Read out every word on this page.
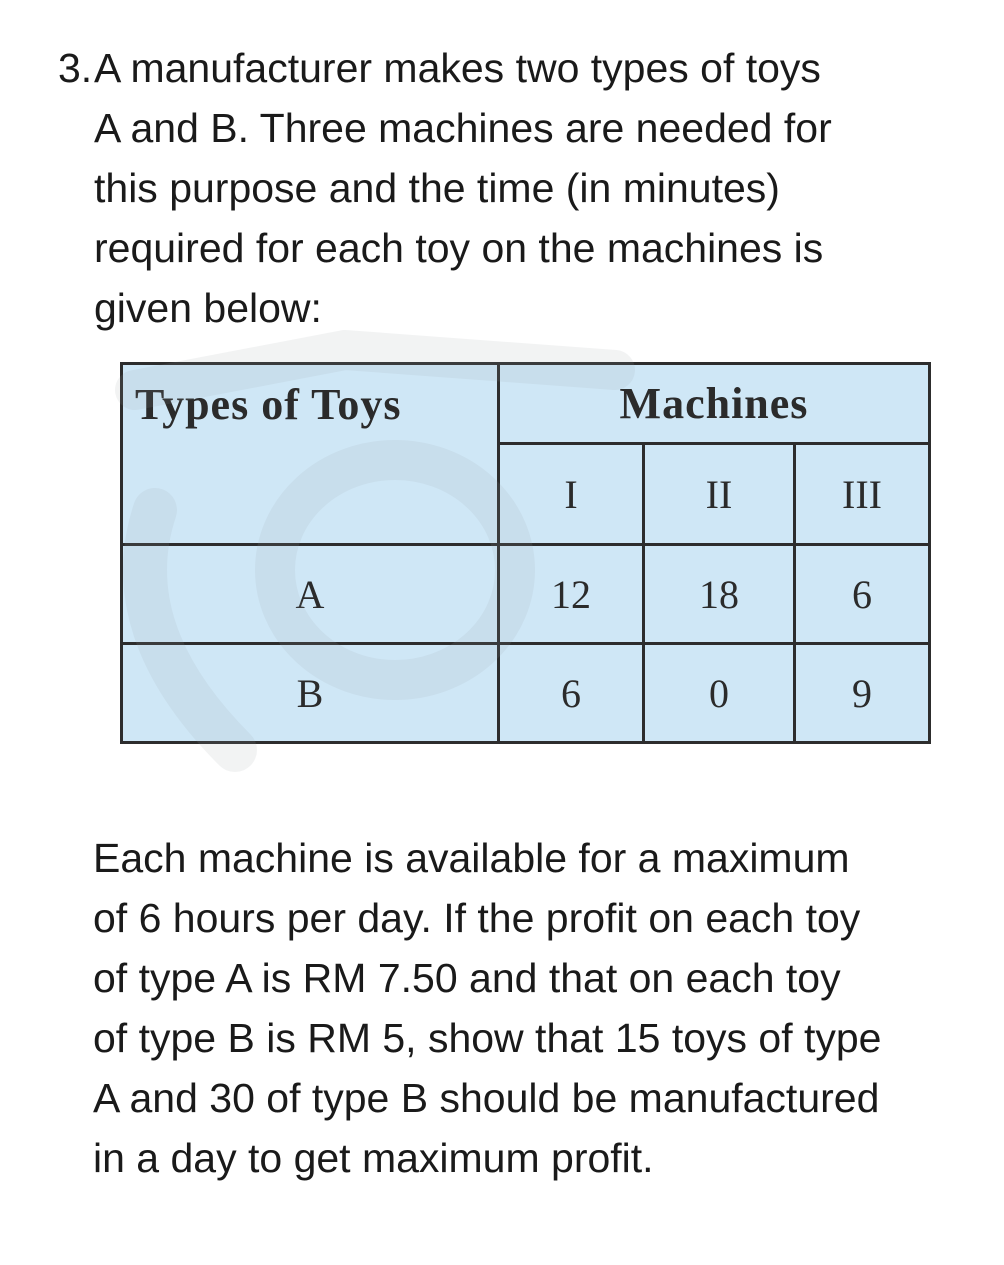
3. A manufacturer makes two types of toys
A and B. Three machines are needed for
this purpose and the time (in minutes)
required for each toy on the machines is
given below:
Types of Toys	Machines		
	I	II	III
A	12	18	6
B	6	0	9
Each machine is available for a maximum
of 6 hours per day. If the profit on each toy
of type A is RM 7.50 and that on each toy
of type B is RM 5, show that 15 toys of type
A and 30 of type B should be manufactured
in a day to get maximum profit.
